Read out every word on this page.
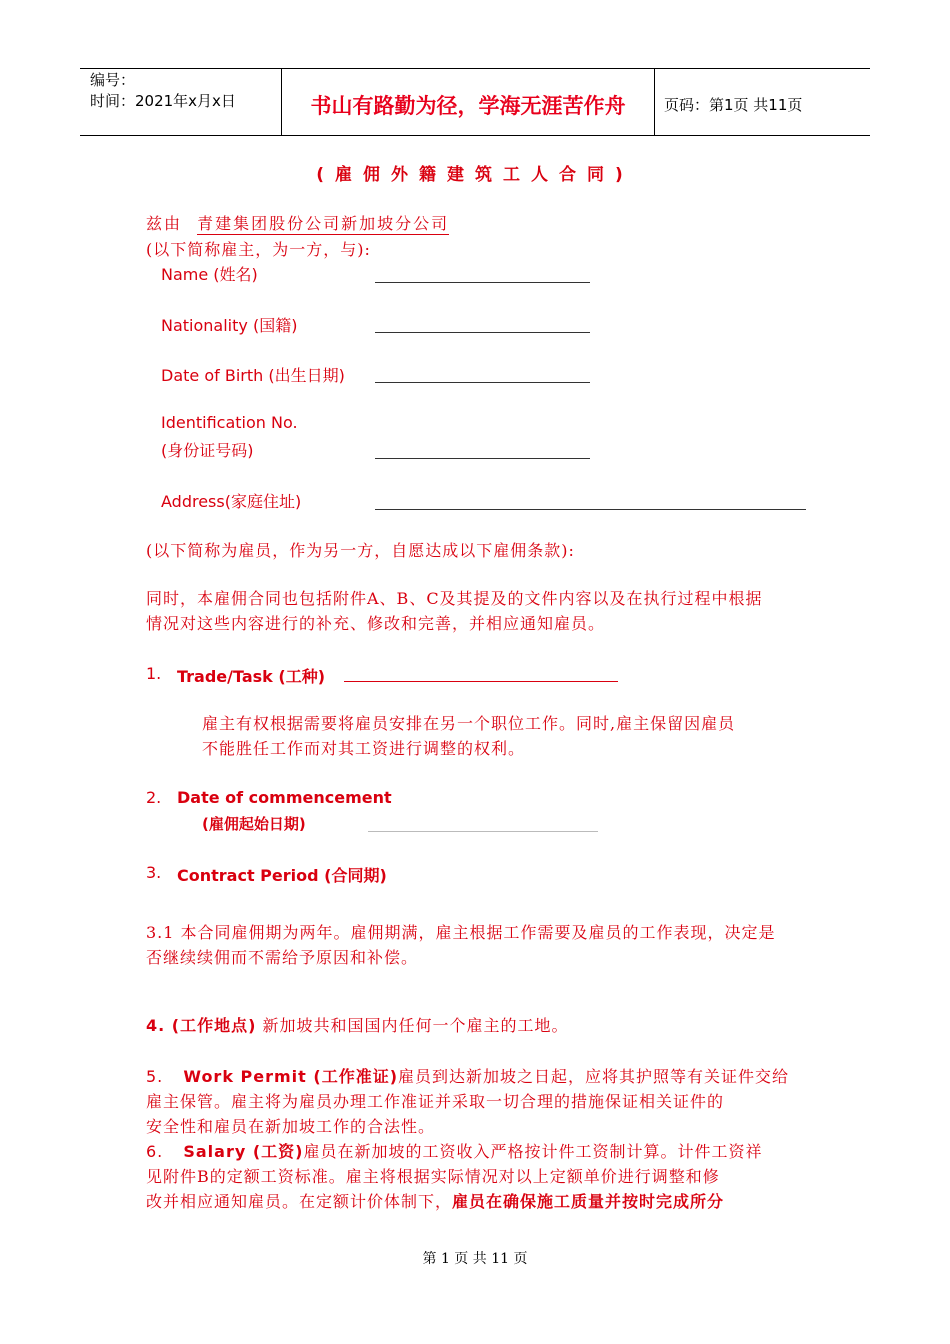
编号：
时间：2021年x月x日	书山有路勤为径，学海无涯苦作舟	页码：第1页 共11页
(雇佣外籍建筑工人合同)
兹由 青建集团股份公司新加坡分公司
(以下简称雇主，为一方，与):
Name (姓名)
Nationality (国籍)
Date of Birth (出生日期)
Identification No.
(身份证号码)
Address(家庭住址)
(以下简称为雇员，作为另一方，自愿达成以下雇佣条款):
同时，本雇佣合同也包括附件A、B、C及其提及的文件内容以及在执行过程中根据
情况对这些内容进行的补充、修改和完善，并相应通知雇员。
1. Trade/Task (工种)
雇主有权根据需要将雇员安排在另一个职位工作。同时,雇主保留因雇员
不能胜任工作而对其工资进行调整的权利。
2. Date of commencement
(雇佣起始日期)
3. Contract Period (合同期)
3.1 本合同雇佣期为两年。雇佣期满，雇主根据工作需要及雇员的工作表现，决定是
否继续续佣而不需给予原因和补偿。
4. (工作地点) 新加坡共和国国内任何一个雇主的工地。
5. Work Permit (工作准证)雇员到达新加坡之日起，应将其护照等有关证件交给
雇主保管。雇主将为雇员办理工作准证并采取一切合理的措施保证相关证件的
安全性和雇员在新加坡工作的合法性。
6. Salary (工资)雇员在新加坡的工资收入严格按计件工资制计算。计件工资祥
见附件B的定额工资标准。雇主将根据实际情况对以上定额单价进行调整和修
改并相应通知雇员。在定额计价体制下，雇员在确保施工质量并按时完成所分
第 1 页 共 11 页
